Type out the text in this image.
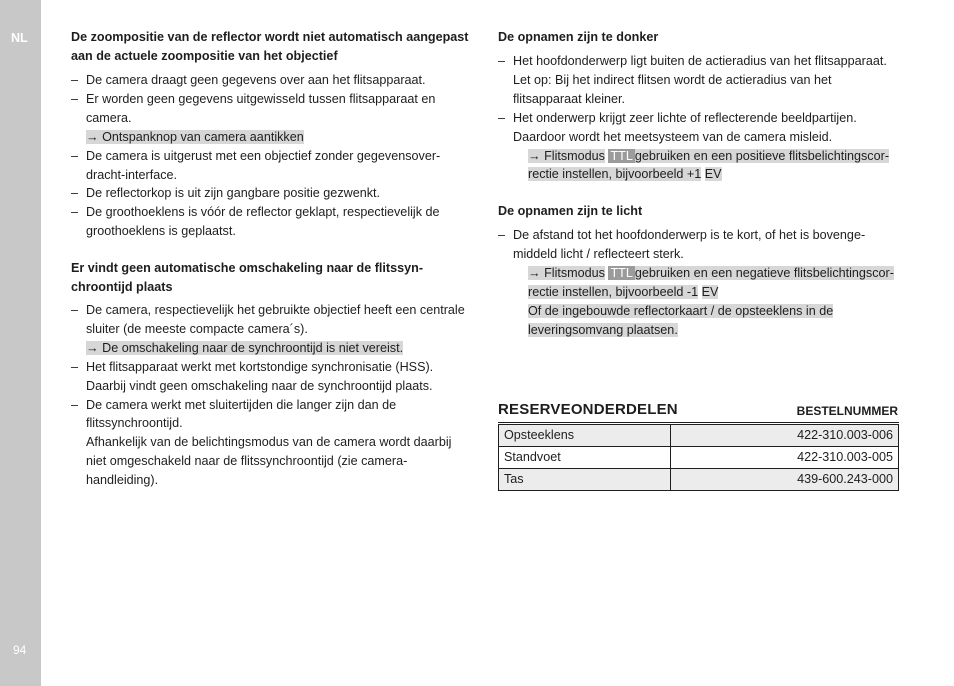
NL
94
De zoompositie van de reflector wordt niet automatisch aangepast aan de actuele zoompositie van het objectief
– De camera draagt geen gegevens over aan het flitsapparaat.
– Er worden geen gegevens uitgewisseld tussen flitsapparaat en camera.
→ Ontspanknop van camera aantikken
– De camera is uitgerust met een objectief zonder gegevensoverdracht-interface.
– De reflectorkop is uit zijn gangbare positie gezwenkt.
– De groothoeklens is vóór de reflector geklapt, respectievelijk de groothoeklens is geplaatst.
Er vindt geen automatische omschakeling naar de flitssynchroontijd plaats
– De camera, respectievelijk het gebruikte objectief heeft een centrale sluiter (de meeste compacte camera´s).
→ De omschakeling naar de synchroontijd is niet vereist.
– Het flitsapparaat werkt met kortstondige synchronisatie (HSS). Daarbij vindt geen omschakeling naar de synchroontijd plaats.
– De camera werkt met sluitertijden die langer zijn dan de flitssynchroontijd.
Afhankelijk van de belichtingsmodus van de camera wordt daarbij niet omgeschakeld naar de flitssynchroontijd (zie camera-handleiding).
De opnamen zijn te donker
– Het hoofdonderwerp ligt buiten de actieradius van het flitsapparaat. Let op: Bij het indirect flitsen wordt de actieradius van het flitsapparaat kleiner.
– Het onderwerp krijgt zeer lichte of reflecterende beeldpartijen. Daardoor wordt het meetsysteem van de camera misleid.
→ Flitsmodus TTL gebruiken en een positieve flitsbelichtingscorrectie instellen, bijvoorbeeld +1 EV
De opnamen zijn te licht
– De afstand tot het hoofdonderwerp is te kort, of het is bovengemiddeld licht / reflecteert sterk.
→ Flitsmodus TTL gebruiken en een negatieve flitsbelichtingscorrectie instellen, bijvoorbeeld -1 EV
Of de ingebouwde reflectorkaart / de opsteeklens in de leveringsomvang plaatsen.
RESERVEONDERDELEN	BESTELNUMMER
Opsteeklens	422-310.003-006
Standvoet	422-310.003-005
Tas	439-600.243-000
